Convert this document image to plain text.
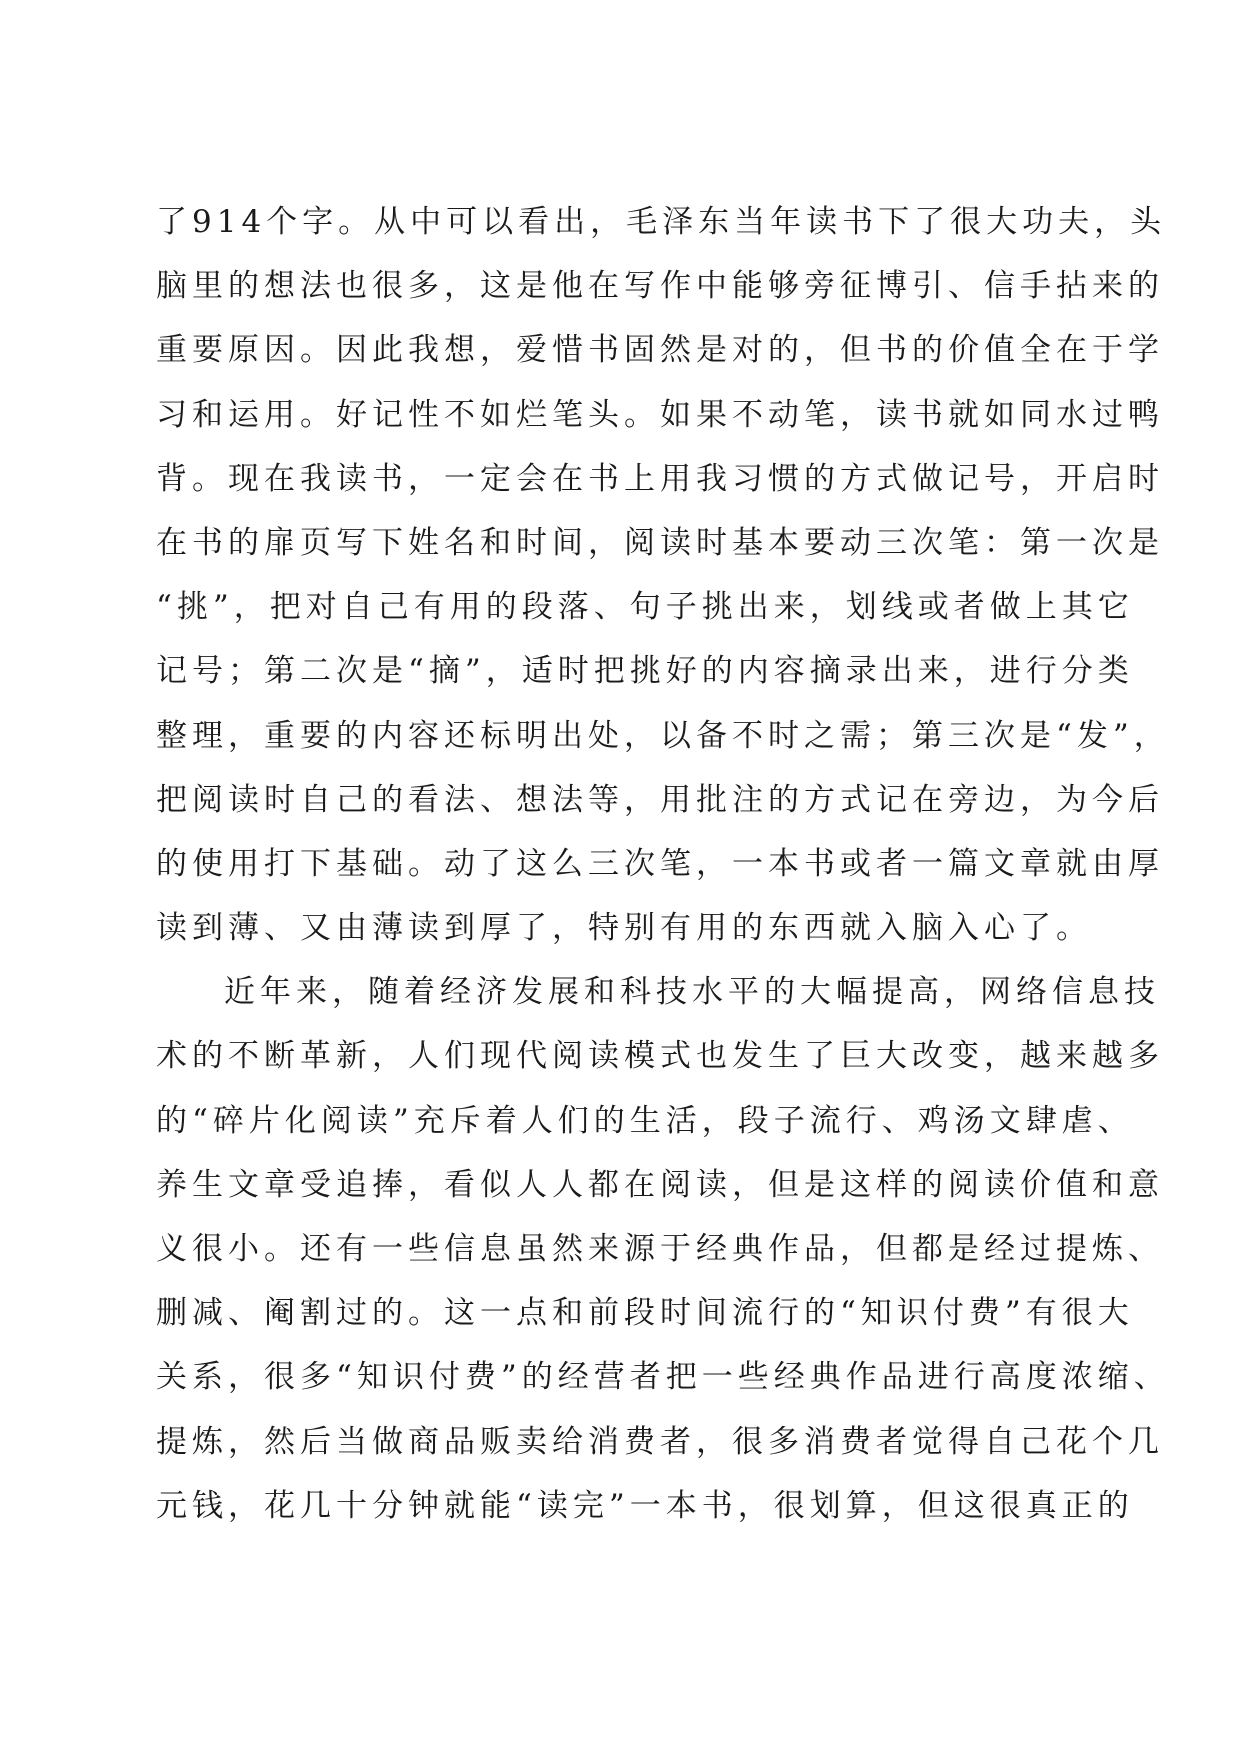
了914个字。从中可以看出，毛泽东当年读书下了很大功夫，头
脑里的想法也很多，这是他在写作中能够旁征博引、信手拈来的
重要原因。因此我想，爱惜书固然是对的，但书的价值全在于学
习和运用。好记性不如烂笔头。如果不动笔，读书就如同水过鸭
背。现在我读书，一定会在书上用我习惯的方式做记号，开启时
在书的扉页写下姓名和时间，阅读时基本要动三次笔：第一次是
“挑”，把对自己有用的段落、句子挑出来，划线或者做上其它
记号；第二次是“摘”，适时把挑好的内容摘录出来，进行分类
整理，重要的内容还标明出处，以备不时之需；第三次是“发”，
把阅读时自己的看法、想法等，用批注的方式记在旁边，为今后
的使用打下基础。动了这么三次笔，一本书或者一篇文章就由厚
读到薄、又由薄读到厚了，特别有用的东西就入脑入心了。
近年来，随着经济发展和科技水平的大幅提高，网络信息技
术的不断革新，人们现代阅读模式也发生了巨大改变，越来越多
的“碎片化阅读”充斥着人们的生活，段子流行、鸡汤文肆虐、
养生文章受追捧，看似人人都在阅读，但是这样的阅读价值和意
义很小。还有一些信息虽然来源于经典作品，但都是经过提炼、
删减、阉割过的。这一点和前段时间流行的“知识付费”有很大
关系，很多“知识付费”的经营者把一些经典作品进行高度浓缩、
提炼，然后当做商品贩卖给消费者，很多消费者觉得自己花个几
元钱，花几十分钟就能“读完”一本书，很划算，但这很真正的
